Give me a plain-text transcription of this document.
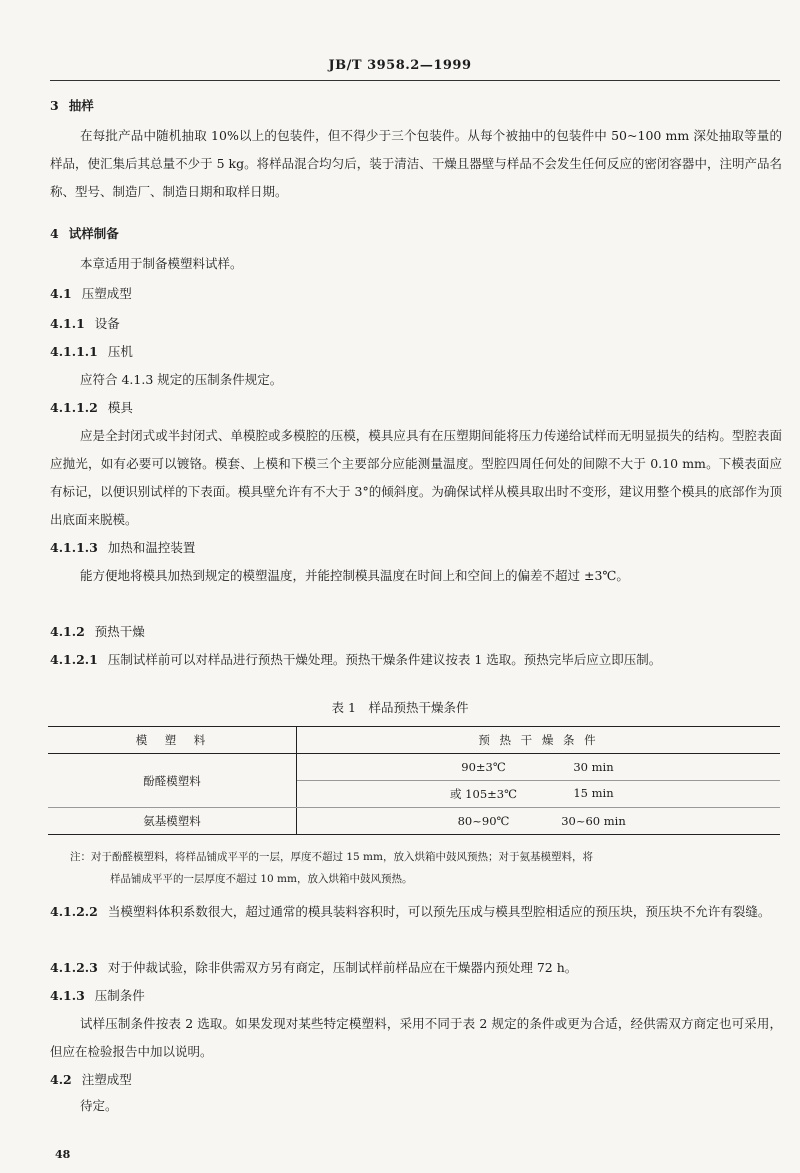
JB/T 3958.2—1999
3 抽样
在每批产品中随机抽取 10%以上的包装件，但不得少于三个包装件。从每个被抽中的包装件中 50~100 mm 深处抽取等量的样品，使汇集后其总量不少于 5 kg。将样品混合均匀后，装于清洁、干燥且器壁与样品不会发生任何反应的密闭容器中，注明产品名称、型号、制造厂、制造日期和取样日期。
4 试样制备
本章适用于制备模塑料试样。
4.1 压塑成型
4.1.1 设备
4.1.1.1 压机
应符合 4.1.3 规定的压制条件规定。
4.1.1.2 模具
应是全封闭式或半封闭式、单模腔或多模腔的压模，模具应具有在压塑期间能将压力传递给试样而无明显损失的结构。型腔表面应抛光，如有必要可以镀铬。模套、上模和下模三个主要部分应能测量温度。型腔四周任何处的间隙不大于 0.10 mm。下模表面应有标记，以便识别试样的下表面。模具壁允许有不大于 3°的倾斜度。为确保试样从模具取出时不变形，建议用整个模具的底部作为顶出底面来脱模。
4.1.1.3 加热和温控装置
能方便地将模具加热到规定的模塑温度，并能控制模具温度在时间上和空间上的偏差不超过 ±3℃。
4.1.2 预热干燥
4.1.2.1 压制试样前可以对样品进行预热干燥处理。预热干燥条件建议按表 1 选取。预热完毕后应立即压制。
表 1　样品预热干燥条件
模　塑　料	预 热 干 燥 条 件
酚醛模塑料	90±3℃ 30 min

	或 105±3℃ 15 min

氨基模塑料	80~90℃ 30~60 min
注：对于酚醛模塑料，将样品铺成平平的一层，厚度不超过 15 mm，放入烘箱中鼓风预热；对于氨基模塑料，将
样品铺成平平的一层厚度不超过 10 mm，放入烘箱中鼓风预热。
4.1.2.2 当模塑料体积系数很大，超过通常的模具装料容积时，可以预先压成与模具型腔相适应的预压块，预压块不允许有裂缝。
4.1.2.3 对于仲裁试验，除非供需双方另有商定，压制试样前样品应在干燥器内预处理 72 h。
4.1.3 压制条件
试样压制条件按表 2 选取。如果发现对某些特定模塑料，采用不同于表 2 规定的条件或更为合适，经供需双方商定也可采用，但应在检验报告中加以说明。
4.2 注塑成型
待定。
48
